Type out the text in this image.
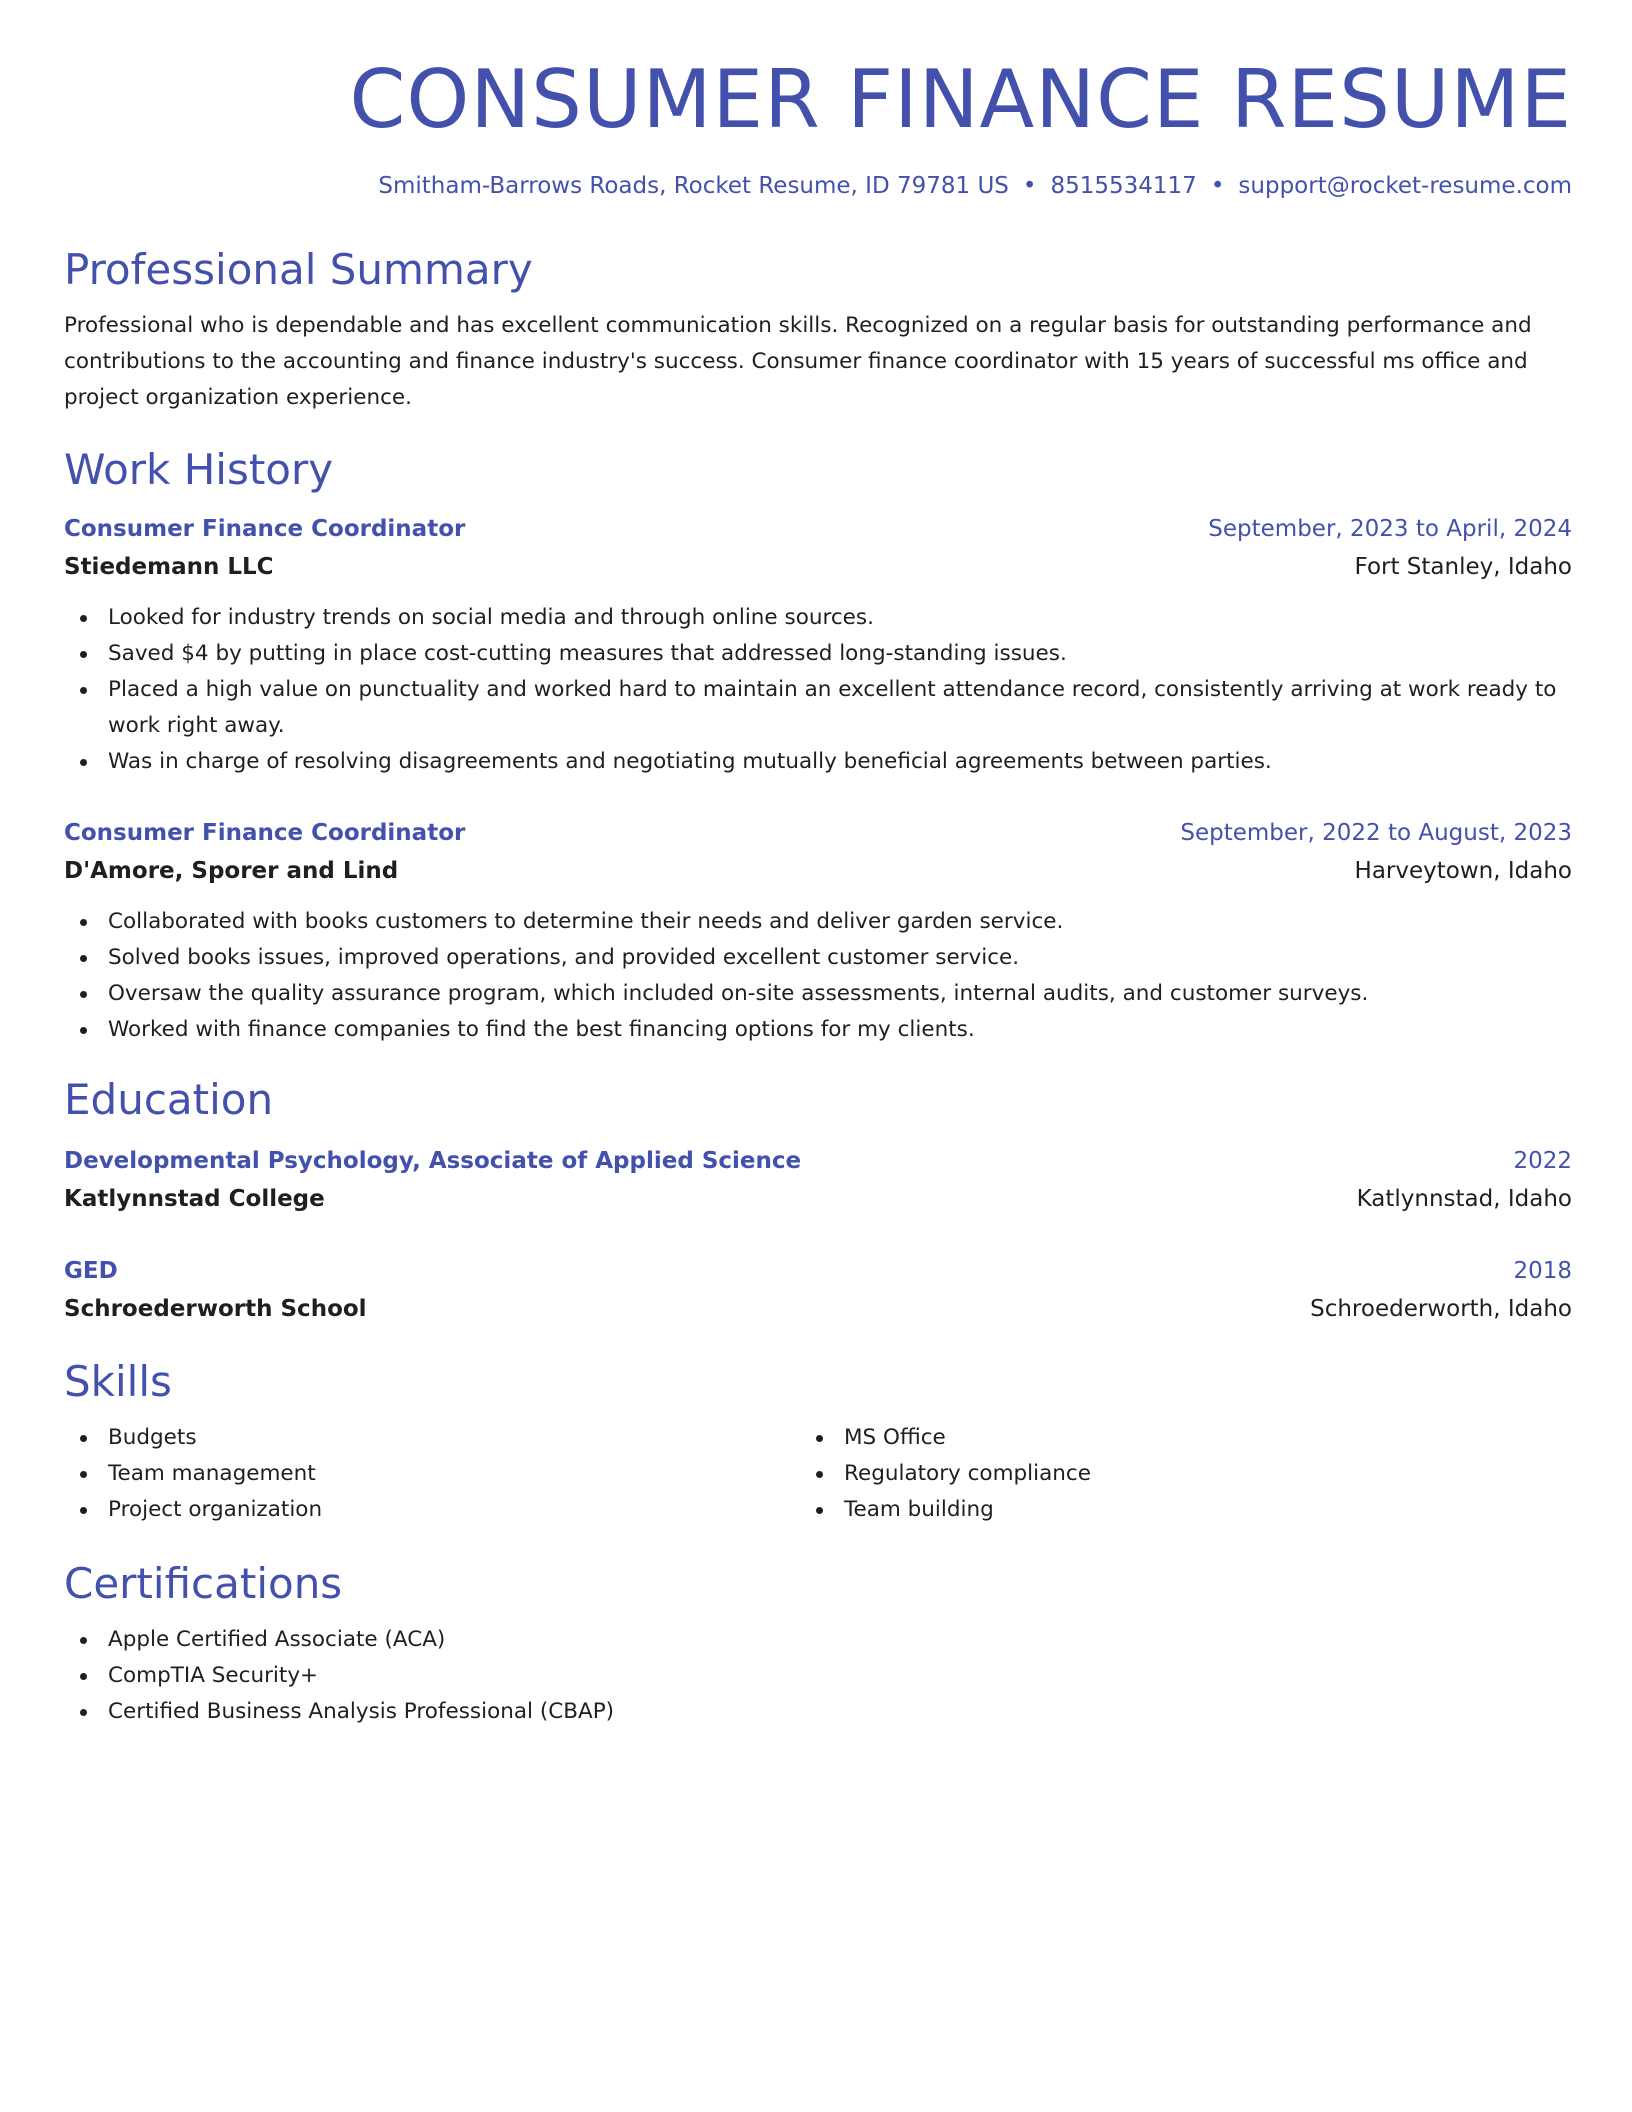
CONSUMER FINANCE RESUME
Smitham-Barrows Roads, Rocket Resume, ID 79781 US • 8515534117 • support@rocket-resume.com
Professional Summary

Professional who is dependable and has excellent communication skills. Recognized on a regular basis for outstanding performance and contributions to the accounting and finance industry's success. Consumer finance coordinator with 15 years of successful ms office and project organization experience.

Work History
Consumer Finance Coordinator	September, 2023 to April, 2024
Stiedemann LLC	Fort Stanley, Idaho
Looked for industry trends on social media and through online sources.
Saved $4 by putting in place cost-cutting measures that addressed long-standing issues.
Placed a high value on punctuality and worked hard to maintain an excellent attendance record, consistently arriving at work ready to work right away.
Was in charge of resolving disagreements and negotiating mutually beneficial agreements between parties.
Consumer Finance Coordinator	September, 2022 to August, 2023
D'Amore, Sporer and Lind	Harveytown, Idaho
Collaborated with books customers to determine their needs and deliver garden service.
Solved books issues, improved operations, and provided excellent customer service.
Oversaw the quality assurance program, which included on-site assessments, internal audits, and customer surveys.
Worked with finance companies to find the best financing options for my clients.
Education
Developmental Psychology, Associate of Applied Science	2022
Katlynnstad College	Katlynnstad, Idaho
GED	2018
Schroederworth School	Schroederworth, Idaho
Skills
Budgets
Team management
Project organization
MS Office
Regulatory compliance
Team building
Certifications
Apple Certified Associate (ACA)
CompTIA Security+
Certified Business Analysis Professional (CBAP)
